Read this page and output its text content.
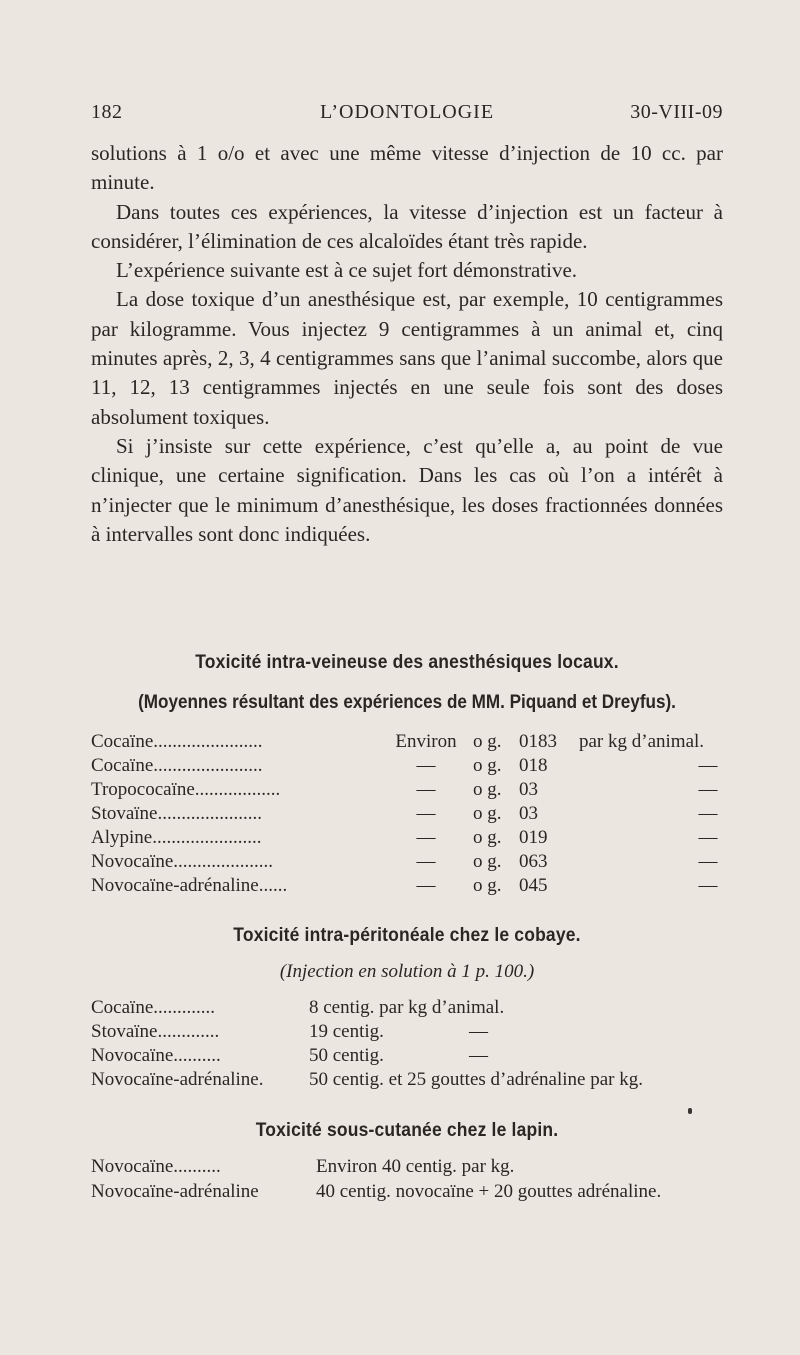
182	L’ODONTOLOGIE	30-VIII-09

solutions à 1 o/o et avec une même vitesse d’injection de 10 cc. par minute.

Dans toutes ces expériences, la vitesse d’injection est un facteur à considérer, l’élimination de ces alcaloïdes étant très rapide.

L’expérience suivante est à ce sujet fort démonstrative.

La dose toxique d’un anesthésique est, par exemple, 10 centigrammes par kilogramme. Vous injectez 9 centigrammes à un animal et, cinq minutes après, 2, 3, 4 centigrammes sans que l’animal succombe, alors que 11, 12, 13 centigrammes injectés en une seule fois sont des doses absolument toxiques.

Si j’insiste sur cette expérience, c’est qu’elle a, au point de vue clinique, une certaine signification. Dans les cas où l’on a intérêt à n’injecter que le minimum d’anesthésique, les doses fractionnées données à intervalles sont donc indiquées.

Toxicité intra-veineuse des anesthésiques locaux.
(Moyennes résultant des expériences de MM. Piquand et Dreyfus).
Cocaïne.......................	Environ o g. 0183 par kg d’animal.
Cocaïne.......................	—	o g. 018	—
Tropococaïne..................	—	o g. 03	—
Stovaïne......................	—	o g. 03	—
Alypine.......................	—	o g. 019	—
Novocaïne.....................	—	o g. 063	—
Novocaïne-adrénaline......	—	o g. 045	—
Toxicité intra-péritonéale chez le cobaye.
(Injection en solution à 1 p. 100.)
Cocaïne.............	8 centig. par kg d’animal.
Stovaïne.............	19 centig.	—
Novocaïne..........	50 centig.	—
Novocaïne-adrénaline. 50 centig. et 25 gouttes d’adrénaline par kg.
Toxicité sous-cutanée chez le lapin.
Novocaïne..........	Environ 40 centig. par kg.
Novocaïne-adrénaline	40 centig. novocaïne + 20 gouttes adrénaline.
